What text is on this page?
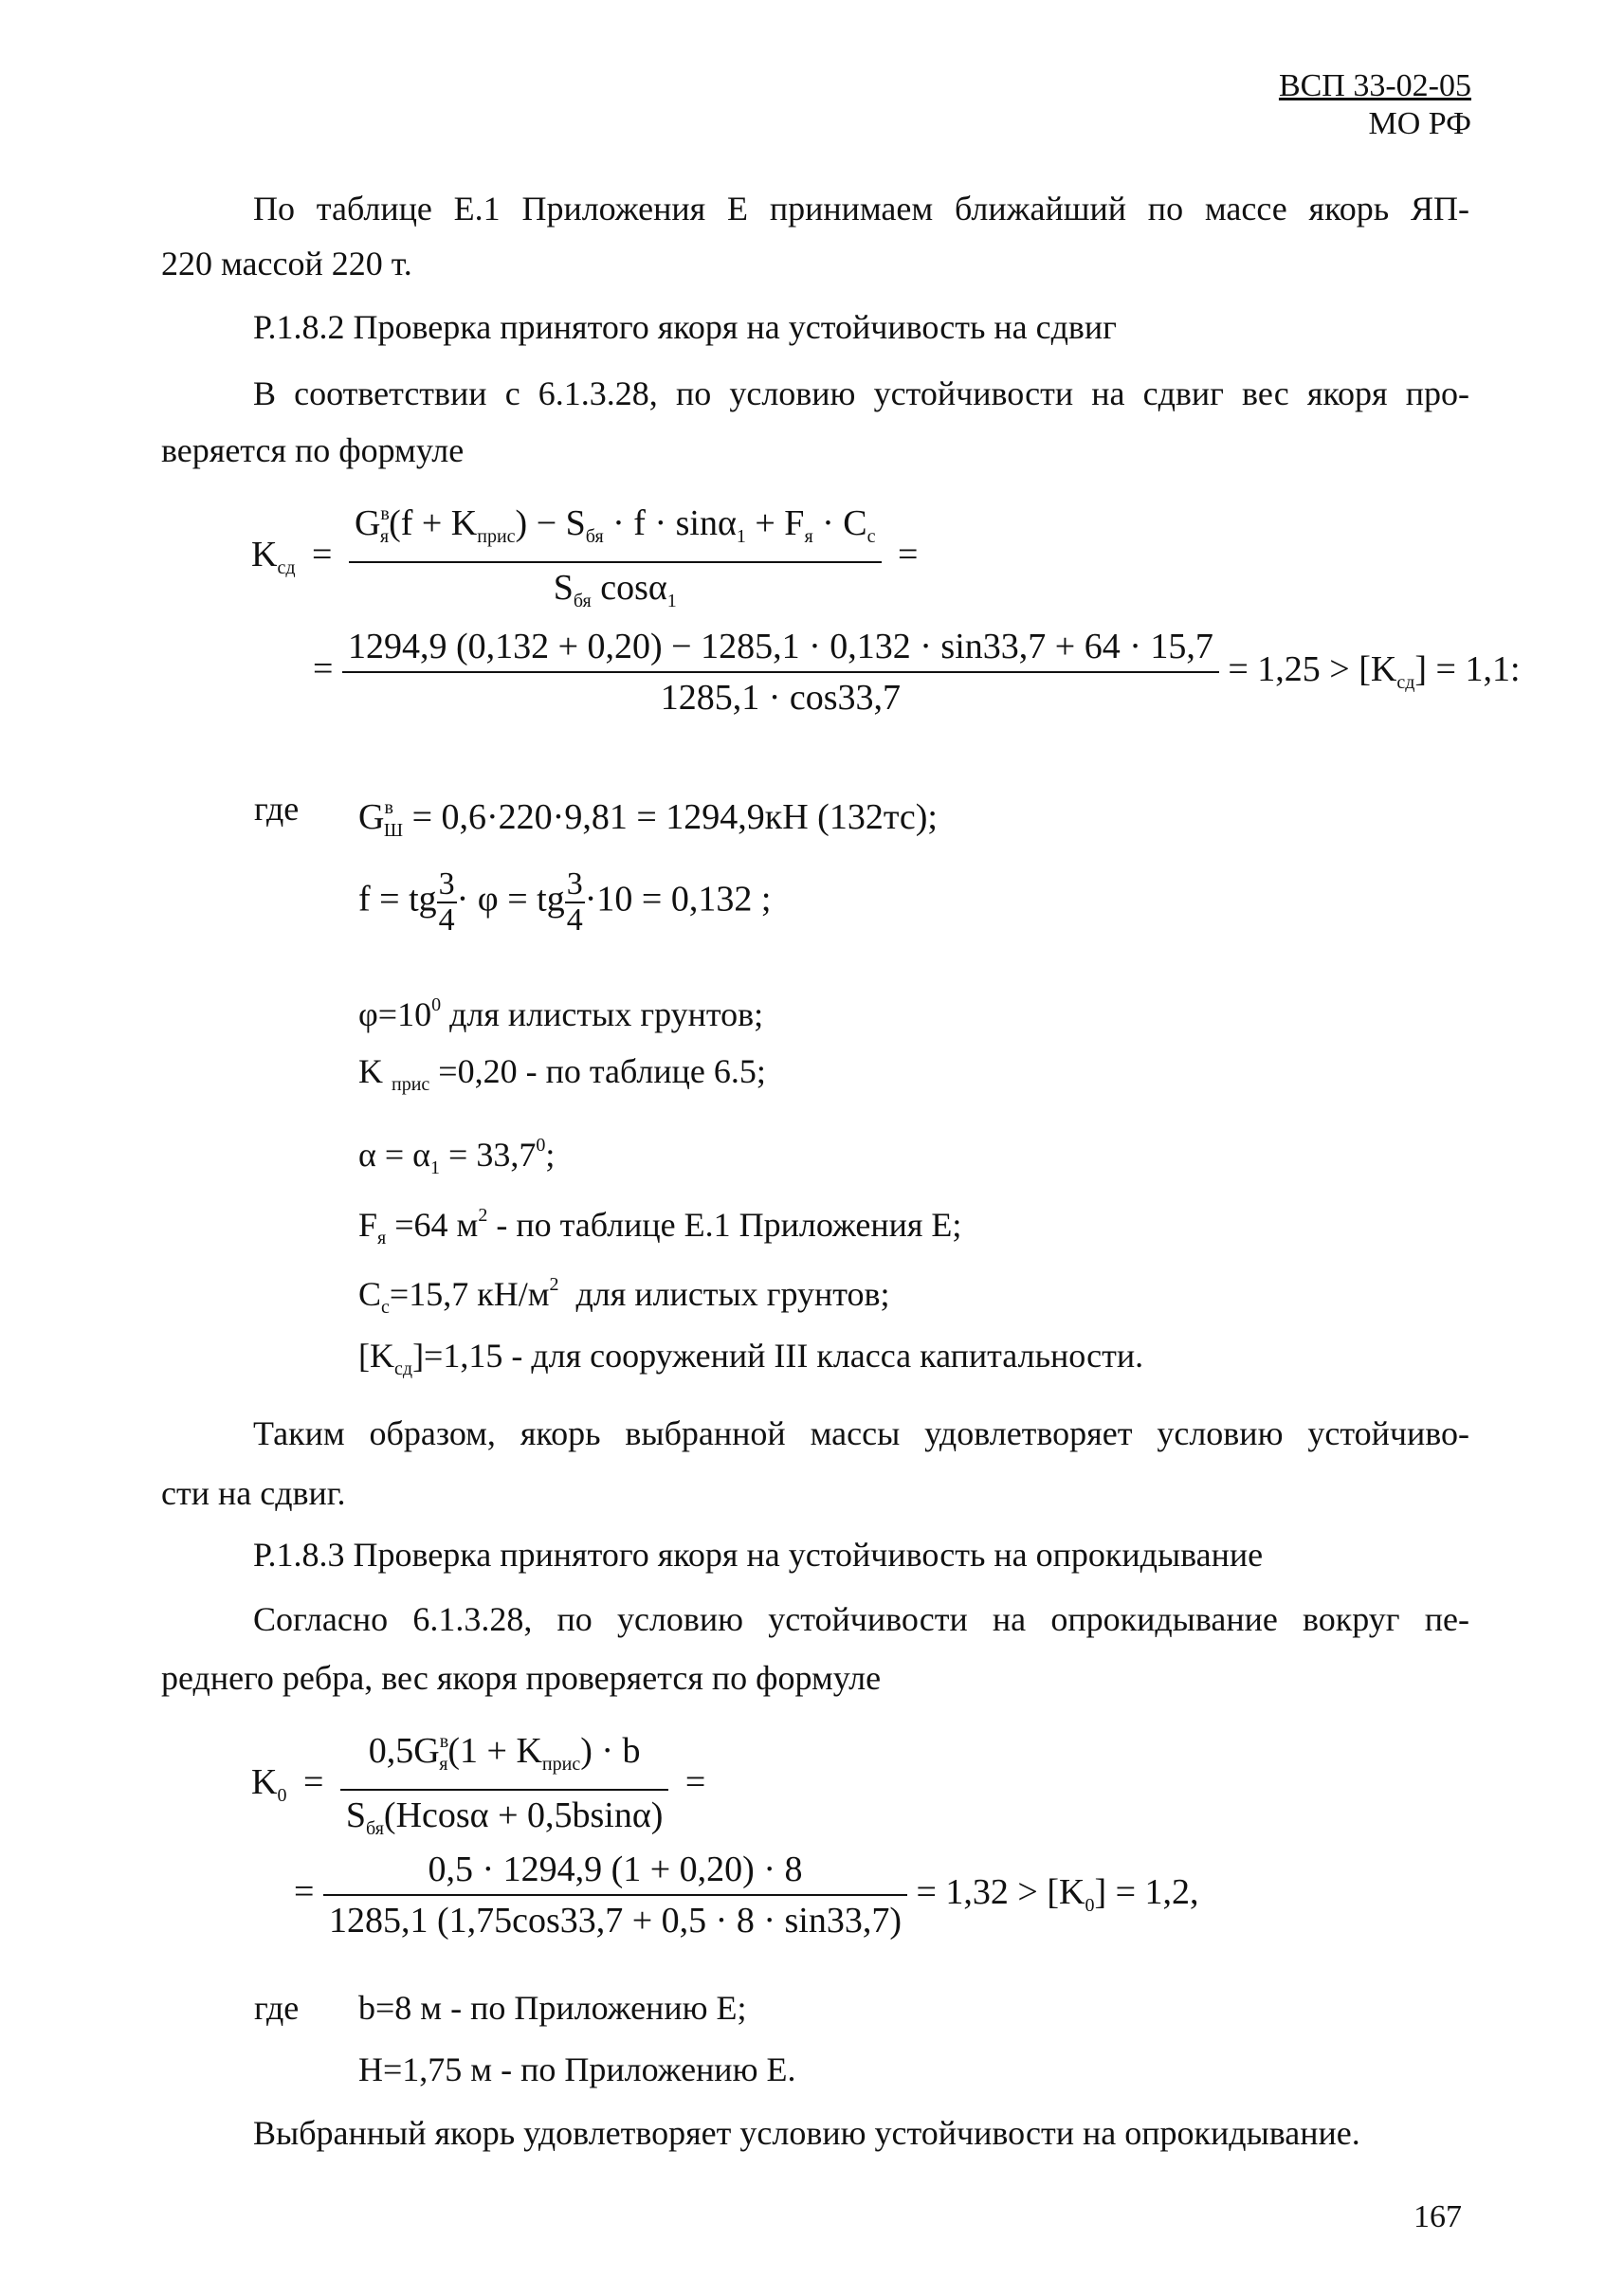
ВСП 33-02-05
МО РФ
По таблице Е.1 Приложения Е принимаем ближайший по массе якорь ЯП-
220 массой 220 т.
Р.1.8.2 Проверка принятого якоря на устойчивость на сдвиг
В соответствии с 6.1.3.28, по условию устойчивости на сдвиг вес якоря про-
веряется по формуле
$K_{сд} = \frac{G^в_я(f + K_{прис}) - S_{бя} \cdot f \cdot \sin\alpha_1 + F_я \cdot C_c}{S_{бя} \cos\alpha_1}$ =
= $\frac{1294,9 (0,132 + 0,20) - 1285,1 \cdot 0,132 \cdot \sin 33,7 + 64 \cdot 15,7}{1285,1 \cdot \cos 33,7} = 1,25 > [K_{сд}] = 1,1$:
где $G^в_Ш = 0,6\cdot 220\cdot 9,81 = 1294,9кН$ (132тс);
f = tg $\frac{3}{4} \cdot \varphi$ = tg $\frac{3}{4} \cdot 10 = 0,132$ ;
$\varphi=10^0$ для илистых грунтов;
K $_{прис}$ =0,20 - по таблице 6.5;
$\alpha = \alpha_1 = 33,7^0$;
$F_я =64$ $м^2$ - по таблице Е.1 Приложения Е;
$C_с=15,7$ $кН/м^2$  для илистых грунтов;
$[K_{сд}]=1,15$ - для сооружений III класса капитальности.
Таким образом, якорь выбранной массы удовлетворяет условию устойчиво-
сти на сдвиг.
Р.1.8.3 Проверка принятого якоря на устойчивость на опрокидывание
Согласно 6.1.3.28, по условию устойчивости на опрокидывание вокруг пе-
реднего ребра, вес якоря проверяется по формуле
$K_0 = \frac{0,5G^в_я(1 + K_{прис}) \cdot b}{S_{бя}(Hcos\alpha + 0,5bsin\alpha)}$ =
= $\frac{0,5 \cdot 1294,9 (1 + 0,20) \cdot 8}{1285,1 (1,75\cos 33,7 + 0,5 \cdot 8 \cdot \sin 33,7)} = 1,32 > [K_0] = 1,2$,
где b=8 м - по Приложению Е;
H=1,75 м - по Приложению Е.
Выбранный якорь удовлетворяет условию устойчивости на опрокидывание.
167
